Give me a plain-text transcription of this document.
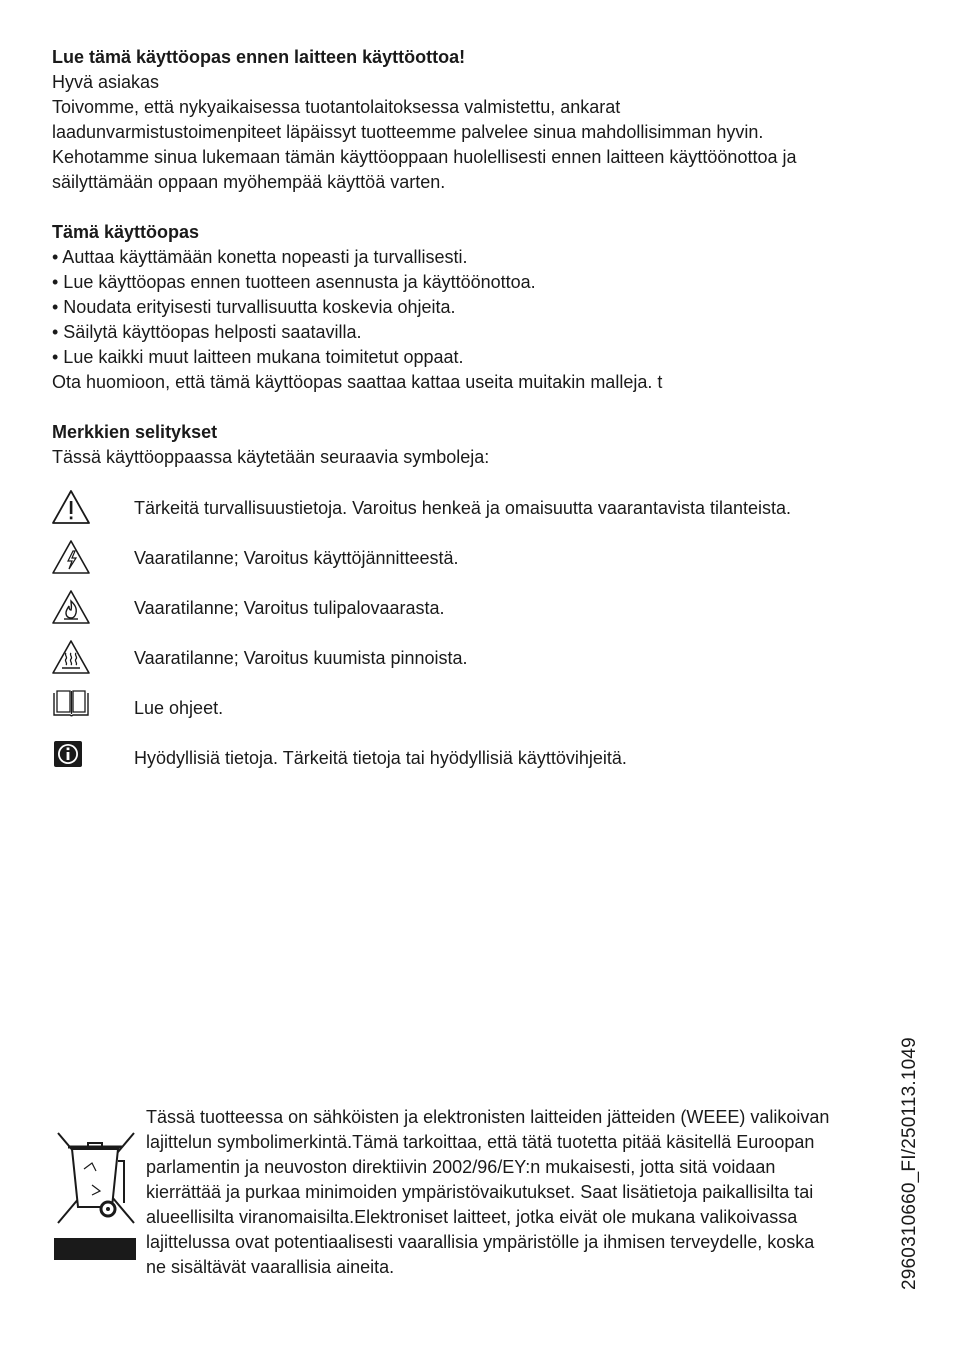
Lue tämä käyttöopas ennen laitteen käyttöottoa!

Hyvä asiakas

Toivomme, että nykyaikaisessa tuotantolaitoksessa valmistettu, ankarat

laadunvarmistustoimenpiteet läpäissyt tuotteemme palvelee sinua mahdollisimman hyvin.

Kehotamme sinua lukemaan tämän käyttöoppaan huolellisesti ennen laitteen käyttöönottoa ja

säilyttämään oppaan myöhempää käyttöä varten.

Tämä käyttöopas

• Auttaa käyttämään konetta nopeasti ja turvallisesti.
• Lue käyttöopas ennen tuotteen asennusta ja käyttöönottoa.
• Noudata erityisesti turvallisuutta koskevia ohjeita.
• Säilytä käyttöopas helposti saatavilla.
• Lue kaikki muut laitteen mukana toimitetut oppaat.

Ota huomioon, että tämä käyttöopas saattaa kattaa useita muitakin malleja. t

Merkkien selitykset

Tässä käyttöoppaassa käytetään seuraavia symboleja:

Tärkeitä turvallisuustietoja. Varoitus henkeä ja omaisuutta vaarantavista tilanteista.
Vaaratilanne; Varoitus käyttöjännitteestä.
Vaaratilanne; Varoitus tulipalovaarasta.
Vaaratilanne; Varoitus kuumista pinnoista.
Lue ohjeet.
Hyödyllisiä tietoja. Tärkeitä tietoja tai hyödyllisiä käyttövihjeitä.

Tässä tuotteessa on sähköisten ja elektronisten laitteiden jätteiden (WEEE) valikoivan

lajittelun symbolimerkintä.Tämä tarkoittaa, että tätä tuotetta pitää käsitellä Euroopan

parlamentin ja neuvoston direktiivin 2002/96/EY:n mukaisesti, jotta sitä voidaan

kierrättää ja purkaa minimoiden ympäristövaikutukset. Saat lisätietoja paikallisilta tai

alueellisilta viranomaisilta.Elektroniset laitteet, jotka eivät ole mukana valikoivassa

lajittelussa ovat potentiaalisesti vaarallisia ympäristölle ja ihmisen terveydelle, koska

ne sisältävät vaarallisia aineita.	2960310660_FI/250113.1049
